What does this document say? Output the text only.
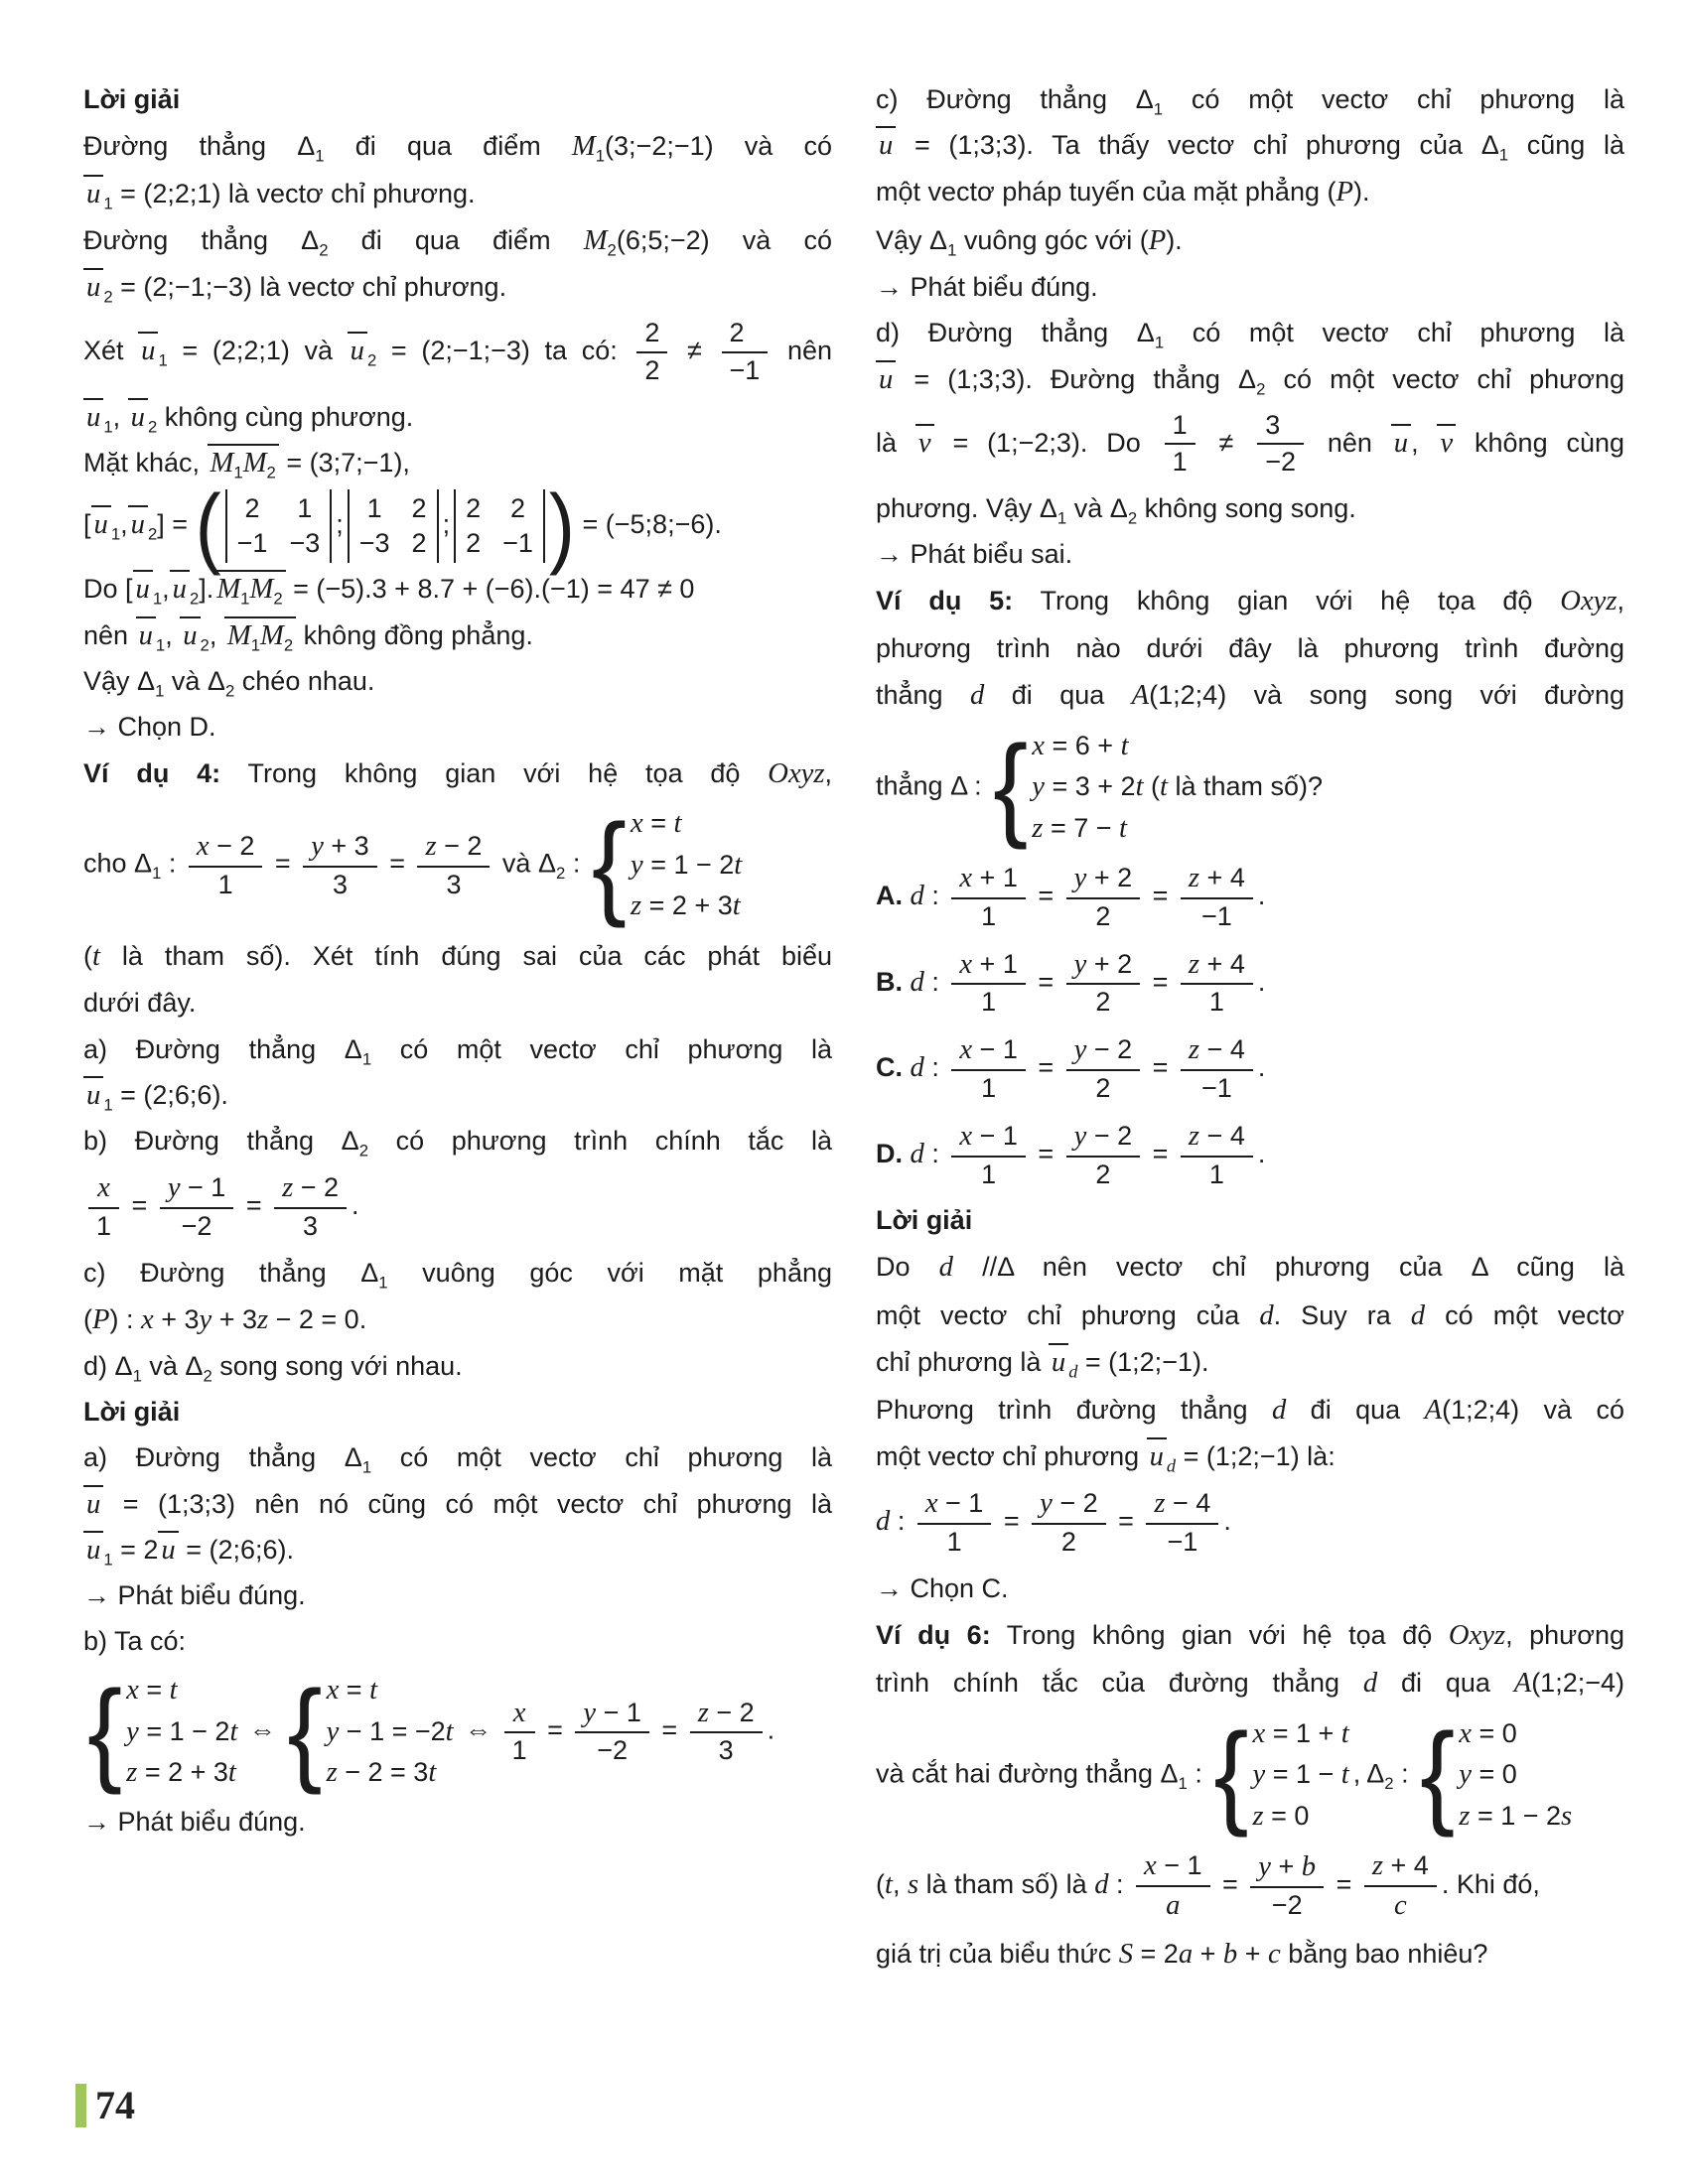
Lời giải
Đường thẳng $\Delta_1$ đi qua điểm $M_1(3;-2;-1)$ và có
u $_1$ = (2;2;1) là vectơ chỉ phương.
Đường thẳng $\Delta_2$ đi qua điểm $M_2(6;5;-2)$ và có
u $_2$ = (2;−1;−3) là vectơ chỉ phương.
Xét u $_1$ = (2;2;1) và u $_2$ = (2;−1;−3) ta có: $\frac{2}{2} \ne \frac{2}{-1}$ nên
u $_1$, u $_2$ không cùng phương.
Mặt khác, $M_1M_2$ = (3;7;−1),
[ u $_1$, u $_2$] = ( 2 1
−1 −3
;
1 2
−3 2
;
2 2
2 −1 ) = (−5;8;−6).
Do [ u $_1$, u $_2$]. $M_1M_2 = (-5).3 + 8.7 + (-6).(-1) = 47 \ne 0$
nên u $_1$, u $_2$, $M_1M_2$ không đồng phẳng.
Vậy $\Delta_1$ và $\Delta_2$ chéo nhau.
→ Chọn D.
Ví dụ 4: Trong không gian với hệ tọa độ Oxyz,
cho $\Delta_1$ : $\frac{x - 2}{1} = \frac{y + 3}{3} = \frac{z - 2}{3}$ và $\Delta_2$ : { x = t
y = 1 − 2t
z = 2 + 3t
(t là tham số). Xét tính đúng sai của các phát biểu
dưới đây.
a) Đường thẳng $\Delta_1$ có một vectơ chỉ phương là
u $_1$ = (2;6;6).
b) Đường thẳng $\Delta_2$ có phương trình chính tắc là
$\frac{x}{1} = \frac{y - 1}{-2} = \frac{z - 2}{3}$ .
c) Đường thẳng $\Delta_1$ vuông góc với mặt phẳng
(P) : x + 3y + 3z − 2 = 0.
d) $\Delta_1$ và $\Delta_2$ song song với nhau.
Lời giải
a) Đường thẳng $\Delta_1$ có một vectơ chỉ phương là
u = (1;3;3) nên nó cũng có một vectơ chỉ phương là
u $_1$ = 2 u = (2;6;6).
→ Phát biểu đúng.
b) Ta có:
{ x = t
y = 1 − 2t
z = 2 + 3t
⇔ { x = t
y − 1 = −2t
z − 2 = 3t
⇔ $\frac{x}{1} = \frac{y - 1}{-2} = \frac{z - 2}{3}$ .
→ Phát biểu đúng.
c) Đường thẳng $\Delta_1$ có một vectơ chỉ phương là
u = (1;3;3). Ta thấy vectơ chỉ phương của $\Delta_1$ cũng là
một vectơ pháp tuyến của mặt phẳng (P).
Vậy $\Delta_1$ vuông góc với (P).
→ Phát biểu đúng.
d) Đường thẳng $\Delta_1$ có một vectơ chỉ phương là
u = (1;3;3). Đường thẳng $\Delta_2$ có một vectơ chỉ phương
là v = (1;−2;3). Do $\frac{1}{1} \ne \frac{3}{-2}$ nên u , v không cùng
phương. Vậy $\Delta_1$ và $\Delta_2$ không song song.
→ Phát biểu sai.
Ví dụ 5: Trong không gian với hệ tọa độ Oxyz,
phương trình nào dưới đây là phương trình đường
thẳng d đi qua A(1;2;4) và song song với đường
thẳng Δ : { x = 6 + t
y = 3 + 2t (t là tham số)?
z = 7 − t
A. d : $\frac{x + 1}{1} = \frac{y + 2}{2} = \frac{z + 4}{-1}$ .
B. d : $\frac{x + 1}{1} = \frac{y + 2}{2} = \frac{z + 4}{1}$ .
C. d : $\frac{x - 1}{1} = \frac{y - 2}{2} = \frac{z - 4}{-1}$ .
D. d : $\frac{x - 1}{1} = \frac{y - 2}{2} = \frac{z - 4}{1}$ .
Lời giải
Do d //Δ nên vectơ chỉ phương của Δ cũng là
một vectơ chỉ phương của d. Suy ra d có một vectơ
chỉ phương là u $_d$ = (1;2;−1).
Phương trình đường thẳng d đi qua A(1;2;4) và có
một vectơ chỉ phương u $_d$ = (1;2;−1) là:
d : $\frac{x - 1}{1} = \frac{y - 2}{2} = \frac{z - 4}{-1}$ .
→ Chọn C.
Ví dụ 6: Trong không gian với hệ tọa độ Oxyz, phương
trình chính tắc của đường thẳng d đi qua A(1;2;−4)
và cắt hai đường thẳng $\Delta_1$ : { x = 1 + t
y = 1 − t
z = 0
, $\Delta_2$ : { x = 0
y = 0
z = 1 − 2s
(t, s là tham số) là d : $\frac{x - 1}{a} = \frac{y + b}{-2} = \frac{z + 4}{c}$ . Khi đó,
giá trị của biểu thức S = 2a + b + c bằng bao nhiêu?
74
